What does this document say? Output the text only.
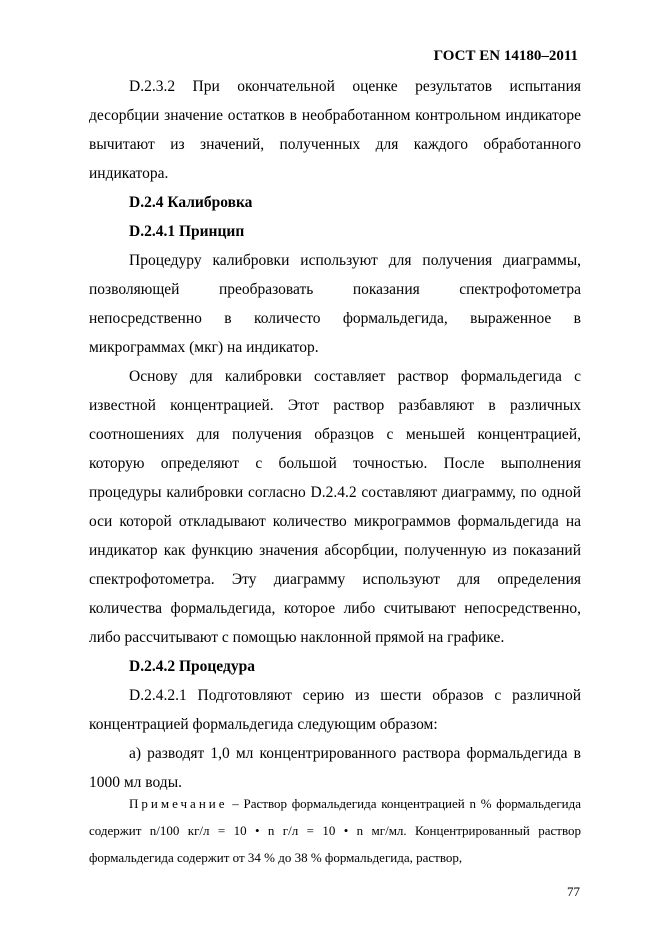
ГОСТ EN 14180–2011

D.2.3.2 При окончательной оценке результатов испытания десорбции значение остатков в необработанном контрольном индикаторе вычитают из значений, полученных для каждого обработанного индикатора.

D.2.4 Калибровка

D.2.4.1 Принцип

Процедуру калибровки используют для получения диаграммы, позволяющей преобразовать показания спектрофотометра непосредственно в количесто формальдегида, выраженное в микрограммах (мкг) на индикатор.

Основу для калибровки составляет раствор формальдегида с известной концентрацией. Этот раствор разбавляют в различных соотношениях для получения образцов с меньшей концентрацией, которую определяют с большой точностью. После выполнения процедуры калибровки согласно D.2.4.2 составляют диаграмму, по одной оси которой откладывают количество микрограммов формальдегида на индикатор как функцию значения абсорбции, полученную из показаний спектрофотометра. Эту диаграмму используют для определения количества формальдегида, которое либо считывают непосредственно, либо рассчитывают с помощью наклонной прямой на графике.

D.2.4.2 Процедура

D.2.4.2.1 Подготовляют серию из шести образов с различной концентрацией формальдегида следующим образом:

a) разводят 1,0 мл концентрированного раствора формальдегида в 1000 мл воды.

Примечание – Раствор формальдегида концентрацией n % формальдегида содержит n/100 кг/л = 10 • n г/л = 10 • n мг/мл. Концентрированный раствор формальдегида содержит от 34 % до 38 % формальдегида, раствор,

77
